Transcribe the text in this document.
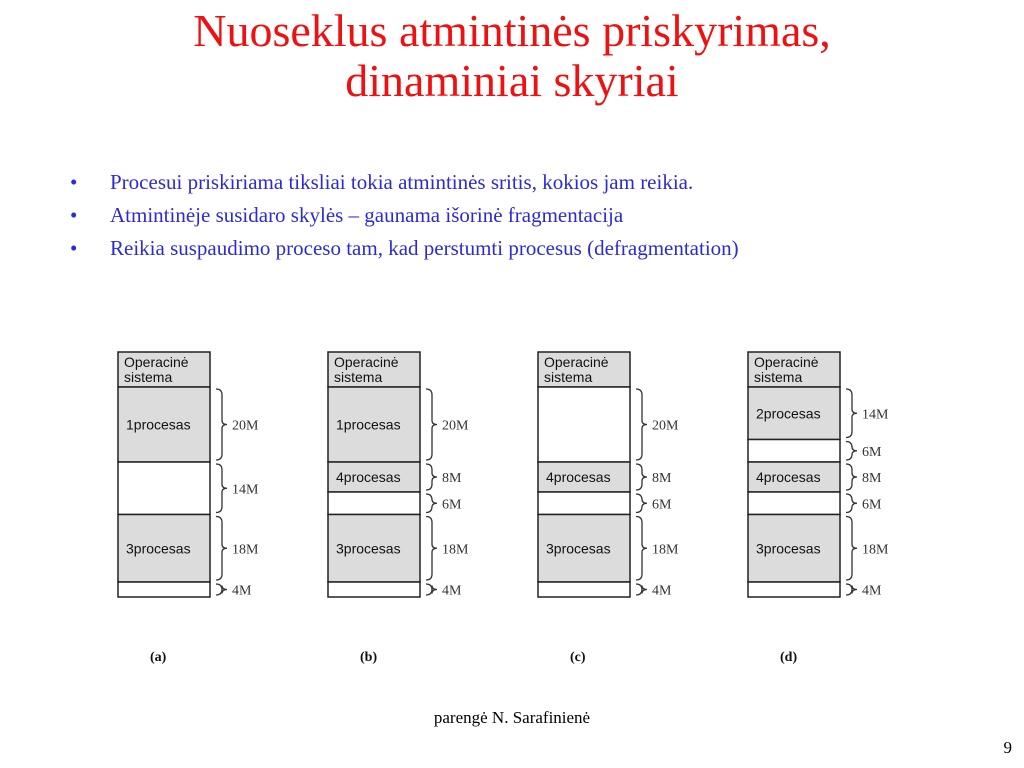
Nuoseklus atmintinės priskyrimas,
dinaminiai skyriai
• Procesui priskiriama tiksliai tokia atmintinės sritis, kokios jam reikia.
• Atmintinėje susidaro skylės – gaunama išorinė fragmentacija
• Reikia suspaudimo proceso tam, kad perstumti procesus (defragmentation)
Operacinė
sistema
1procesas	20M
14M
3procesas	18M
4M
(a)
Operacinė
sistema
1procesas	20M
4procesas	8M
6M
3procesas	18M
4M
(b)
Operacinė
sistema
20M
4procesas	8M
6M
3procesas	18M
4M
(c)
Operacinė
sistema
2procesas	14M
6M
4procesas	8M
6M
3procesas	18M
4M
(d)
parengė N. Sarafinienė
9
